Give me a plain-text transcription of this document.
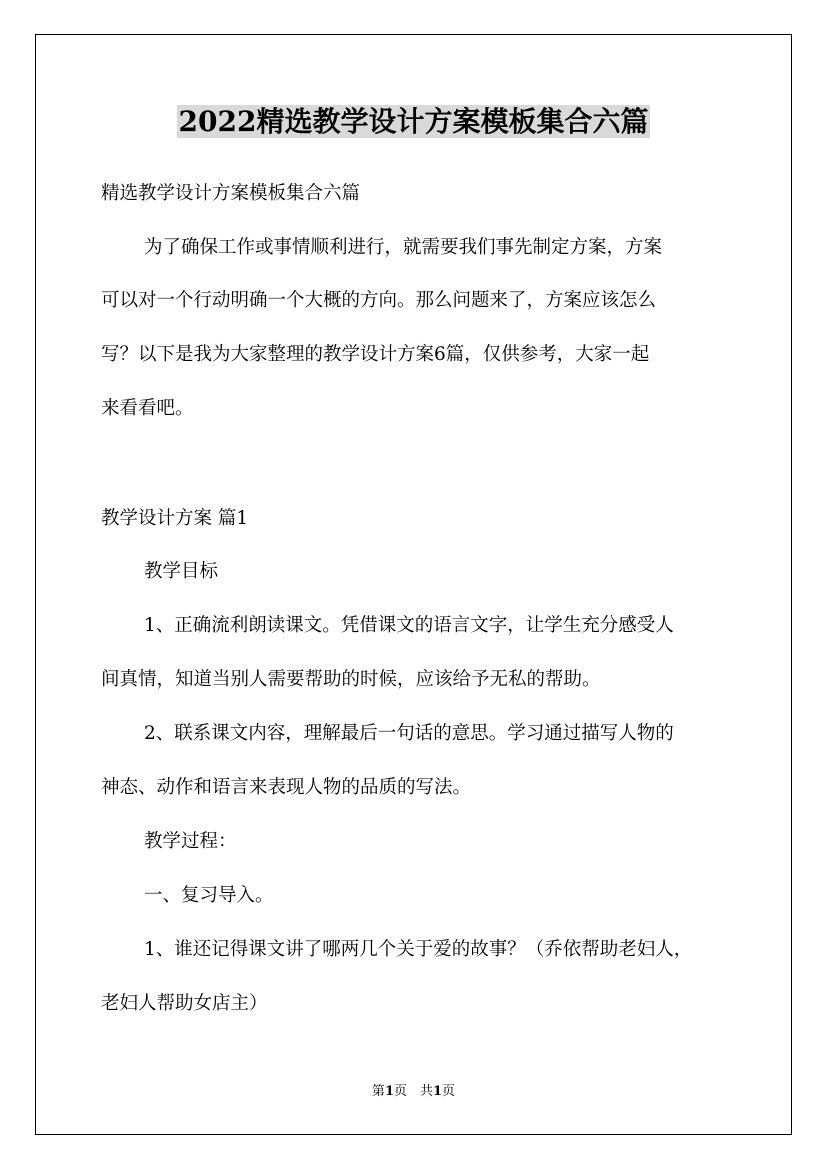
2022精选教学设计方案模板集合六篇

精选教学设计方案模板集合六篇

为了确保工作或事情顺利进行，就需要我们事先制定方案，方案

可以对一个行动明确一个大概的方向。那么问题来了，方案应该怎么

写？以下是我为大家整理的教学设计方案6篇，仅供参考，大家一起

来看看吧。

教学设计方案 篇1

教学目标

1、正确流利朗读课文。凭借课文的语言文字，让学生充分感受人

间真情，知道当别人需要帮助的时候，应该给予无私的帮助。

2、联系课文内容，理解最后一句话的意思。学习通过描写人物的

神态、动作和语言来表现人物的品质的写法。

教学过程：

一、复习导入。

1、谁还记得课文讲了哪两几个关于爱的故事？（乔依帮助老妇人，

老妇人帮助女店主）

第1页　共1页
